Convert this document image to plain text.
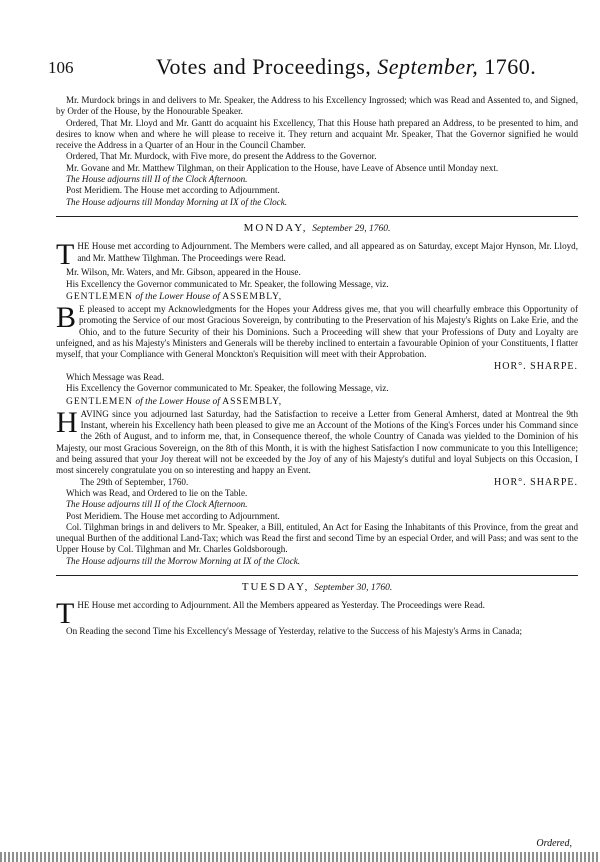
106	Votes and Proceedings, September, 1760.

Mr. Murdock brings in and delivers to Mr. Speaker, the Address to his Excellency Ingrossed; which was Read and Assented to, and Signed, by Order of the House, by the Honourable Speaker.

Ordered, That Mr. Lloyd and Mr. Gantt do acquaint his Excellency, That this House hath prepared an Address, to be presented to him, and desires to know when and where he will please to receive it. They return and acquaint Mr. Speaker, That the Governor signified he would receive the Address in a Quarter of an Hour in the Council Chamber.

Ordered, That Mr. Murdock, with Five more, do present the Address to the Governor.

Mr. Govane and Mr. Matthew Tilghman, on their Application to the House, have Leave of Absence until Monday next.

The House adjourns till II of the Clock Afternoon.

Post Meridiem. The House met according to Adjournment.

The House adjourns till Monday Morning at IX of the Clock.

MONDAY, September 29, 1760.

T HE House met according to Adjournment. The Members were called, and all appeared as on Saturday, except Major Hynson, Mr. Lloyd, and Mr. Matthew Tilghman. The Proceedings were Read.

Mr. Wilson, Mr. Waters, and Mr. Gibson, appeared in the House.

His Excellency the Governor communicated to Mr. Speaker, the following Message, viz.

GENTLEMEN of the Lower House of ASSEMBLY,

B E pleased to accept my Acknowledgments for the Hopes your Address gives me, that you will chearfully embrace this Opportunity of promoting the Service of our most Gracious Sovereign, by contributing to the Preservation of his Majesty's Rights on Lake Erie, and the Ohio, and to the future Security of their his Dominions. Such a Proceeding will shew that your Professions of Duty and Loyalty are unfeigned, and as his Majesty's Ministers and Generals will be thereby inclined to entertain a favourable Opinion of your Constituents, I flatter myself, that your Compliance with General Monckton's Requisition will meet with their Approbation.

HOR°. SHARPE.

Which Message was Read.

His Excellency the Governor communicated to Mr. Speaker, the following Message, viz.

GENTLEMEN of the Lower House of ASSEMBLY,

H AVING since you adjourned last Saturday, had the Satisfaction to receive a Letter from General Amherst, dated at Montreal the 9th Instant, wherein his Excellency hath been pleased to give me an Account of the Motions of the King's Forces under his Command since the 26th of August, and to inform me, that, in Consequence thereof, the whole Country of Canada was yielded to the Dominion of his Majesty, our most Gracious Sovereign, on the 8th of this Month, it is with the highest Satisfaction I now communicate to you this Intelligence; and being assured that your Joy thereat will not be exceeded by the Joy of any of his Majesty's dutiful and loyal Subjects on this Occasion, I most sincerely congratulate you on so interesting and happy an Event.

The 29th of September, 1760.	HOR°. SHARPE.

Which was Read, and Ordered to lie on the Table.

The House adjourns till II of the Clock Afternoon.

Post Meridiem. The House met according to Adjournment.

Col. Tilghman brings in and delivers to Mr. Speaker, a Bill, entituled, An Act for Easing the Inhabitants of this Province, from the great and unequal Burthen of the additional Land-Tax; which was Read the first and second Time by an especial Order, and will Pass; and was sent to the Upper House by Col. Tilghman and Mr. Charles Goldsborough.

The House adjourns till the Morrow Morning at IX of the Clock.

TUESDAY, September 30, 1760.

T HE House met according to Adjournment. All the Members appeared as Yesterday. The Proceedings were Read.

On Reading the second Time his Excellency's Message of Yesterday, relative to the Success of his Majesty's Arms in Canada;

Ordered,
